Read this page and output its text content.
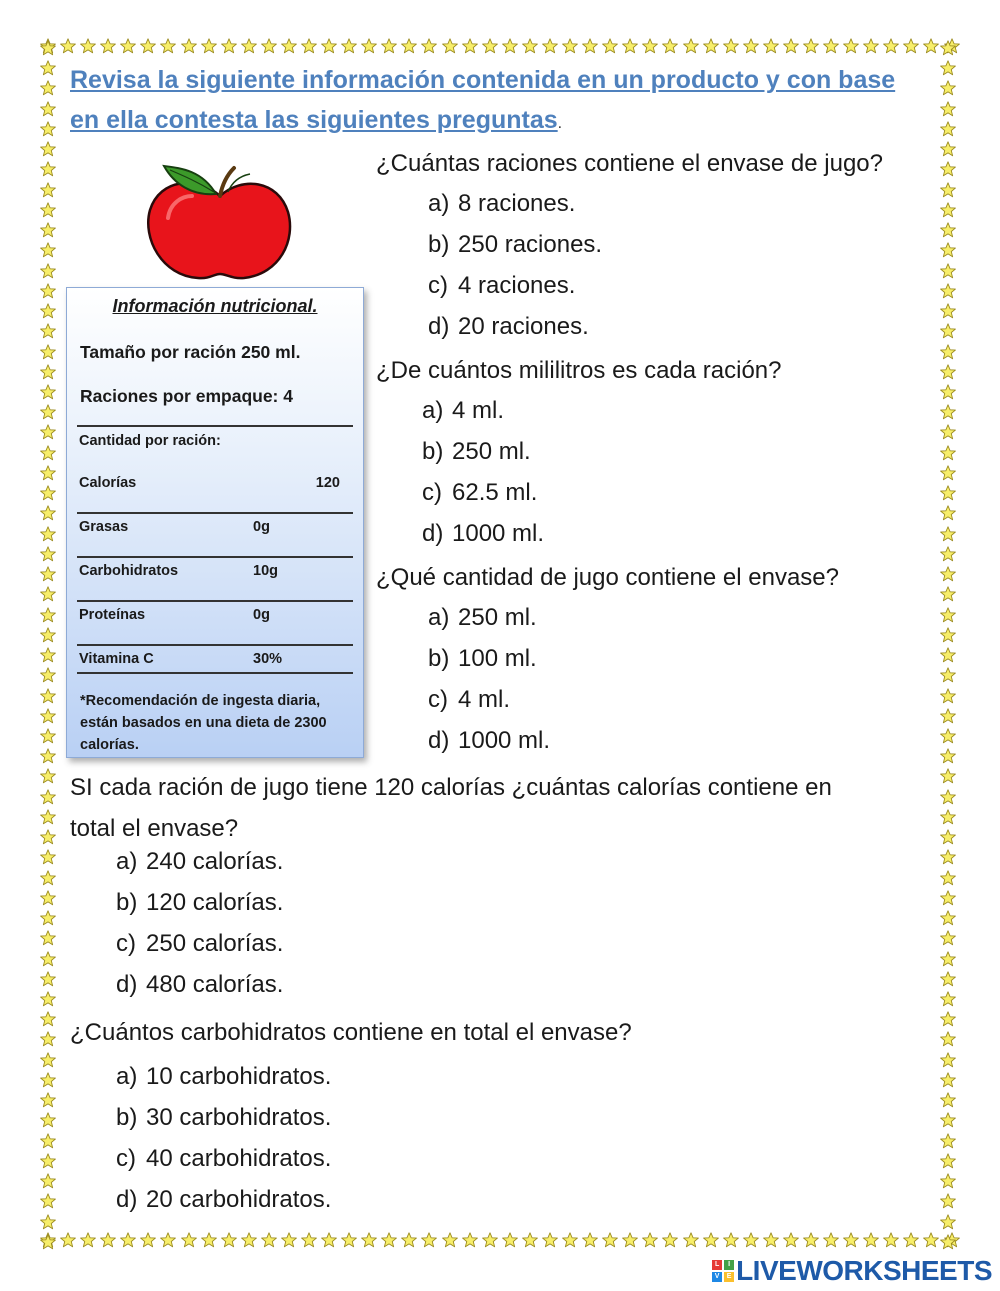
Revisa la siguiente información contenida en un producto y con base en ella contesta las siguientes preguntas.
Información nutricional.
Tamaño por ración 250 ml.
Raciones por empaque: 4
Cantidad por ración:
Calorías	120
Grasas	0g
Carbohidratos	10g
Proteínas	0g
Vitamina C	30%
*Recomendación de ingesta diaria, están basados en una dieta de 2300 calorías.
¿Cuántas raciones contiene el envase de jugo?
a) 8 raciones.
b) 250 raciones.
c) 4 raciones.
d) 20 raciones.
¿De cuántos mililitros es cada ración?
a) 4 ml.
b) 250 ml.
c) 62.5 ml.
d) 1000 ml.
¿Qué cantidad de jugo contiene el envase?
a) 250 ml.
b) 100 ml.
c) 4 ml.
d) 1000 ml.
SI cada ración de jugo tiene 120 calorías ¿cuántas calorías contiene en
total el envase?
a) 240 calorías.
b) 120 calorías.
c) 250 calorías.
d) 480 calorías.
¿Cuántos carbohidratos contiene en total el envase?
a) 10 carbohidratos.
b) 30 carbohidratos.
c) 40 carbohidratos.
d) 20 carbohidratos.
L	I
V	E LIVEWORKSHEETS
